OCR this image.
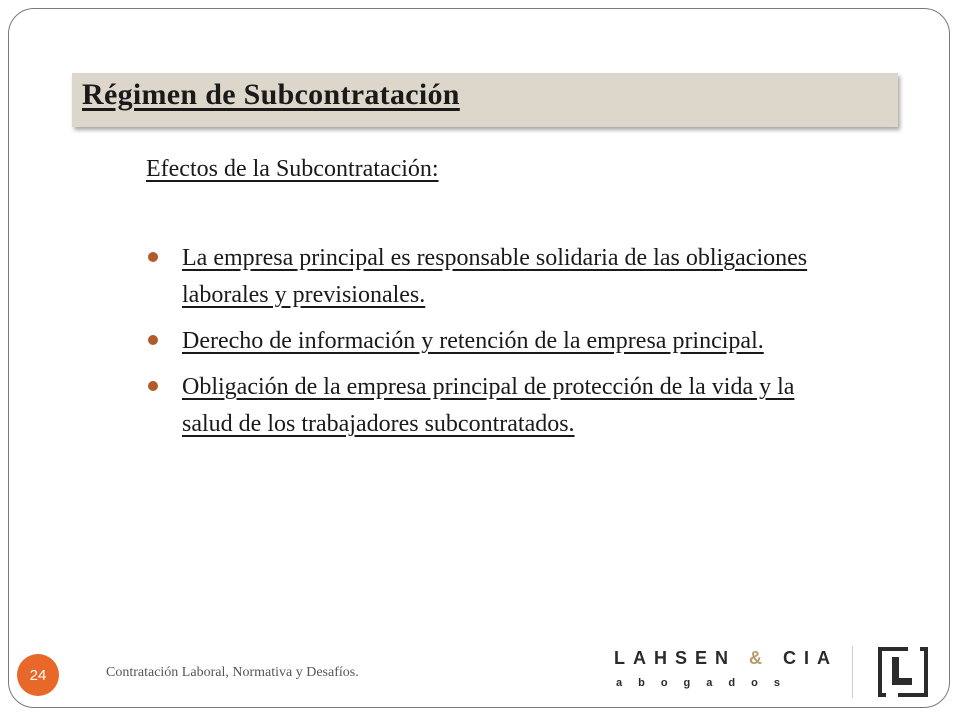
Régimen de Subcontratación
Efectos de la Subcontratación:
La empresa principal es responsable solidaria de las obligaciones laborales y previsionales.
Derecho de información y retención de la empresa principal.
Obligación de la empresa principal de protección de la vida y la salud de los trabajadores subcontratados.
24	Contratación Laboral, Normativa y Desafíos.
LAHSEN & CIA
abogados
